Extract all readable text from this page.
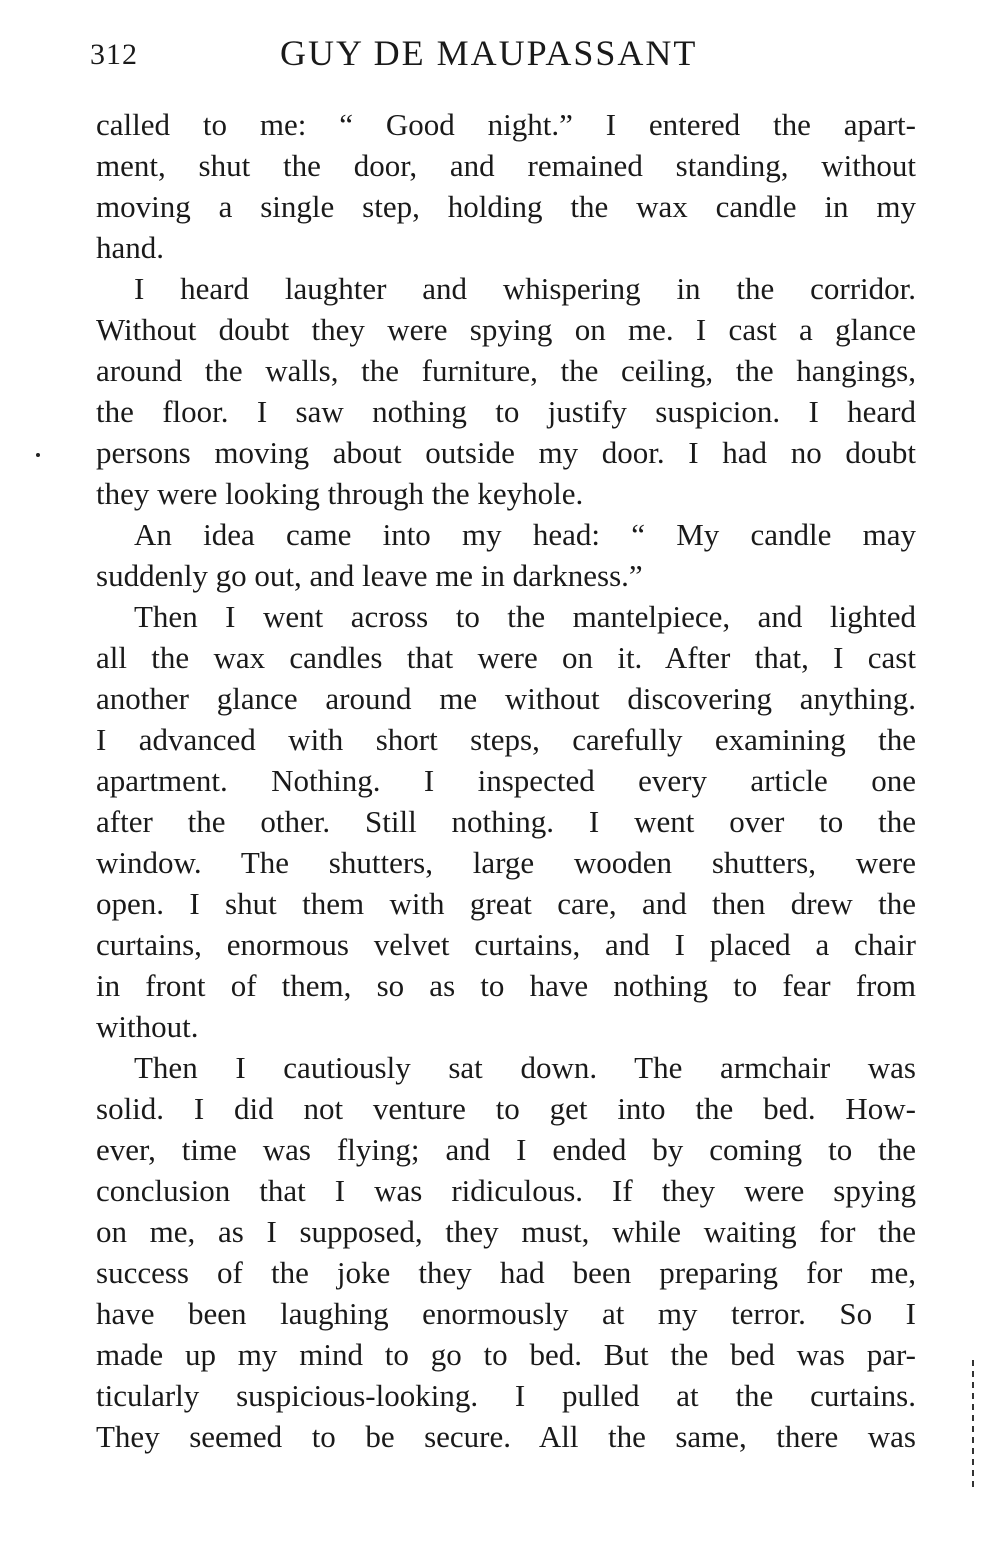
312	GUY DE MAUPASSANT
called to me: “ Good night.” I entered the apart-
ment, shut the door, and remained standing, without
moving a single step, holding the wax candle in my
hand.
I heard laughter and whispering in the corridor.
Without doubt they were spying on me. I cast a glance
around the walls, the furniture, the ceiling, the hangings,
the floor. I saw nothing to justify suspicion. I heard
persons moving about outside my door. I had no doubt
they were looking through the keyhole.
An idea came into my head: “ My candle may
suddenly go out, and leave me in darkness.”
Then I went across to the mantelpiece, and lighted
all the wax candles that were on it. After that, I cast
another glance around me without discovering anything.
I advanced with short steps, carefully examining the
apartment. Nothing. I inspected every article one
after the other. Still nothing. I went over to the
window. The shutters, large wooden shutters, were
open. I shut them with great care, and then drew the
curtains, enormous velvet curtains, and I placed a chair
in front of them, so as to have nothing to fear from
without.
Then I cautiously sat down. The armchair was
solid. I did not venture to get into the bed. How-
ever, time was flying; and I ended by coming to the
conclusion that I was ridiculous. If they were spying
on me, as I supposed, they must, while waiting for the
success of the joke they had been preparing for me,
have been laughing enormously at my terror. So I
made up my mind to go to bed. But the bed was par-
ticularly suspicious-looking. I pulled at the curtains.
They seemed to be secure. All the same, there was
